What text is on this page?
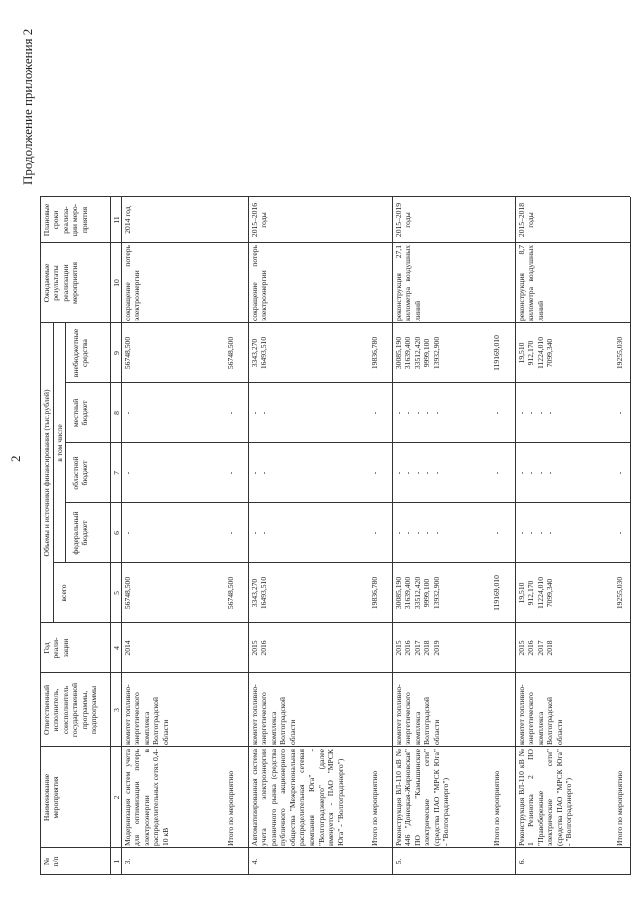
2
Продолжение приложения 2
№
п/п
Наименование
мероприятия
Ответственный
исполнитель,
соисполнитель
государственной
программы,
подпрограммы
Год
реали-
зации
Объемы и источники финансирования (тыс.рублей)
всего
в том числе
федеральный
бюджет
областной
бюджет
местный
бюджет
внебюджетные
средства
Ожидаемые результаты
реализации мероприятия
Плановые
сроки
реализа-
ции меро-
приятия
1
2
3
4
5
6
7
8
9
10
11
3.
Модернизация систем учета для оптимизации потерь электроэнергии в распределительных сетях 0,4-10 кВ
комитет топливно-энергетического комплекса Волгоградской области
2014
56748,500
-
-
-
56748,500
сокращение потерь электроэнергии
2014 год
Итого по мероприятию
56748,500
-
-
-
56748,500
4.
Автоматизированная система учета электроэнергии розничного рынка (средства публичного акционерного общества "Межрегиональная распределительная сетевая компания Юга" - "Волгоградэнерго" (далее именуется - ПАО "МРСК Юга" - "Волгоградэнерго")
комитет топливно-энергетического комплекса Волгоградской области
2015
2016
3343,270
16493,510
-
-
-
-
-
-
3343,270
16493,510
сокращение потерь электроэнергии
2015–2016
годы
Итого по мероприятию
19836,780
-
-
-
19836,780
5.
Реконструкция ВЛ-110 кВ № 446 "Донецкая-Жирновская" ПО "Камышинские электрические сети" (средства ПАО "МРСК Юга" - "Волгоградэнерго")
комитет топливно-энергетического комплекса Волгоградской области
2015
2016
2017
2018
2019
30085,190
31639,400
33512,420
9999,100
13932,900
-
-
-
-
-
-
-
-
-
-
-
-
-
-
-
30085,190
31639,400
33512,420
9999,100
13932,900
реконструкция 27,1 километра воздушных линий
2015–2019
годы
Итого по мероприятию
119169,010
-
-
-
119169,010
6.
Реконструкция ВЛ-110 кВ № 1 Резинотка 2 ПО "Правобережные электрические сети" (средства ПАО "МРСК Юга" - "Волгоградэнерго")
комитет топливно-энергетического комплекса Волгоградской области
2015
2016
2017
2018
19,510
912,170
11224,010
7099,340
-
-
-
-
-
-
-
-
-
-
-
-
19,510
912,170
11224,010
7099,340
реконструкция 8,7 километра воздушных линий
2015–2018
годы
Итого по мероприятию
19255,030
-
-
-
19255,030
